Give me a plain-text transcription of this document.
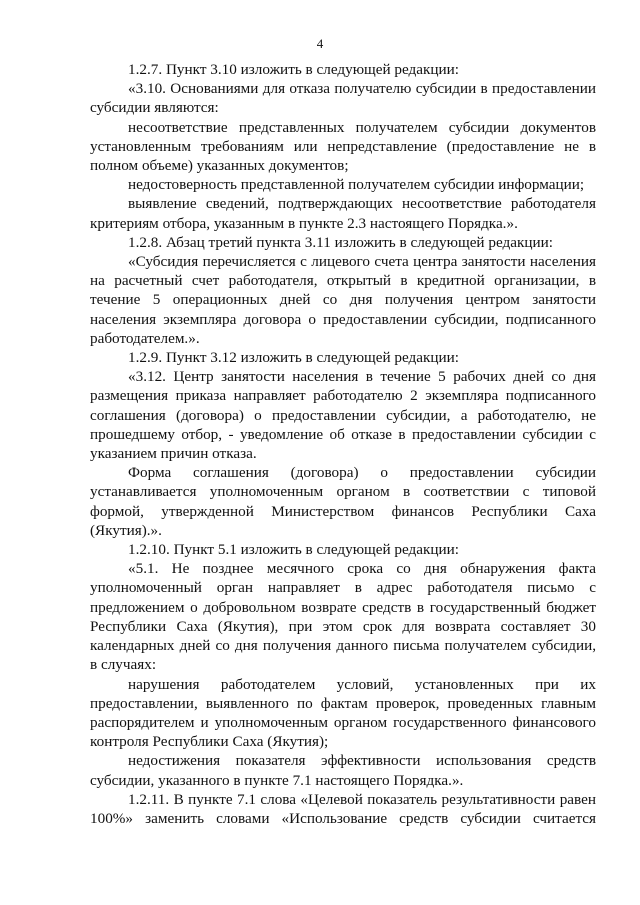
4

1.2.7. Пункт 3.10 изложить в следующей редакции:

«3.10. Основаниями для отказа получателю субсидии в предоставлении субсидии являются:

несоответствие представленных получателем субсидии документов установленным требованиям или непредставление (предоставление не в полном объеме) указанных документов;

недостоверность представленной получателем субсидии информации;

выявление сведений, подтверждающих несоответствие работодателя критериям отбора, указанным в пункте 2.3 настоящего Порядка.».

1.2.8. Абзац третий пункта 3.11 изложить в следующей редакции:

«Субсидия перечисляется с лицевого счета центра занятости населения на расчетный счет работодателя, открытый в кредитной организации, в течение 5 операционных дней со дня получения центром занятости населения экземпляра договора о предоставлении субсидии, подписанного работодателем.».

1.2.9. Пункт 3.12 изложить в следующей редакции:

«3.12. Центр занятости населения в течение 5 рабочих дней со дня размещения приказа направляет работодателю 2 экземпляра подписанного соглашения (договора) о предоставлении субсидии, а работодателю, не прошедшему отбор, - уведомление об отказе в предоставлении субсидии с указанием причин отказа.

Форма соглашения (договора) о предоставлении субсидии устанавливается уполномоченным органом в соответствии с типовой формой, утвержденной Министерством финансов Республики Саха (Якутия).».

1.2.10. Пункт 5.1 изложить в следующей редакции:

«5.1. Не позднее месячного срока со дня обнаружения факта уполномоченный орган направляет в адрес работодателя письмо с предложением о добровольном возврате средств в государственный бюджет Республики Саха (Якутия), при этом срок для возврата составляет 30 календарных дней со дня получения данного письма получателем субсидии, в случаях:

нарушения работодателем условий, установленных при их предоставлении, выявленного по фактам проверок, проведенных главным распорядителем и уполномоченным органом государственного финансового контроля Республики Саха (Якутия);

недостижения показателя эффективности использования средств субсидии, указанного в пункте 7.1 настоящего Порядка.».

1.2.11. В пункте 7.1 слова «Целевой показатель результативности равен 100%» заменить словами «Использование средств субсидии считается
